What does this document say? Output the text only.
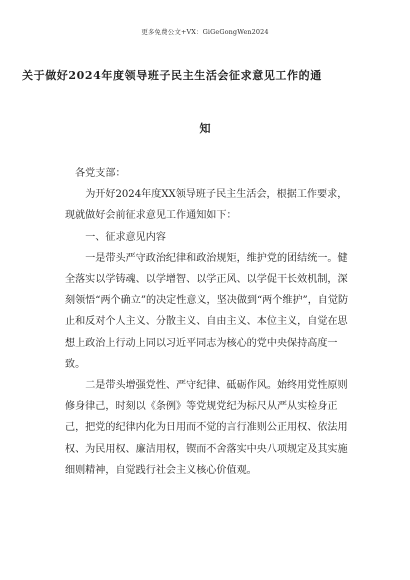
更多免费公文+VX：GiGeGongWen2024
关于做好2024年度领导班子民主生活会征求意见工作的通
知

各党支部：

为开好2024年度XX领导班子民主生活会，根据工作要求，现就做好会前征求意见工作通知如下：

一、征求意见内容

一是带头严守政治纪律和政治规矩，维护党的团结统一。健全落实以学铸魂、以学增智、以学正风、以学促干长效机制，深刻领悟“两个确立”的决定性意义，坚决做到“两个维护”，自觉防止和反对个人主义、分散主义、自由主义、本位主义，自觉在思想上政治上行动上同以习近平同志为核心的党中央保持高度一致。

二是带头增强党性、严守纪律、砥砺作风。始终用党性原则修身律己，时刻以《条例》等党规党纪为标尺从严从实检身正己，把党的纪律内化为日用而不觉的言行准则公正用权、依法用权、为民用权、廉洁用权，锲而不舍落实中央八项规定及其实施细则精神，自觉践行社会主义核心价值观。
